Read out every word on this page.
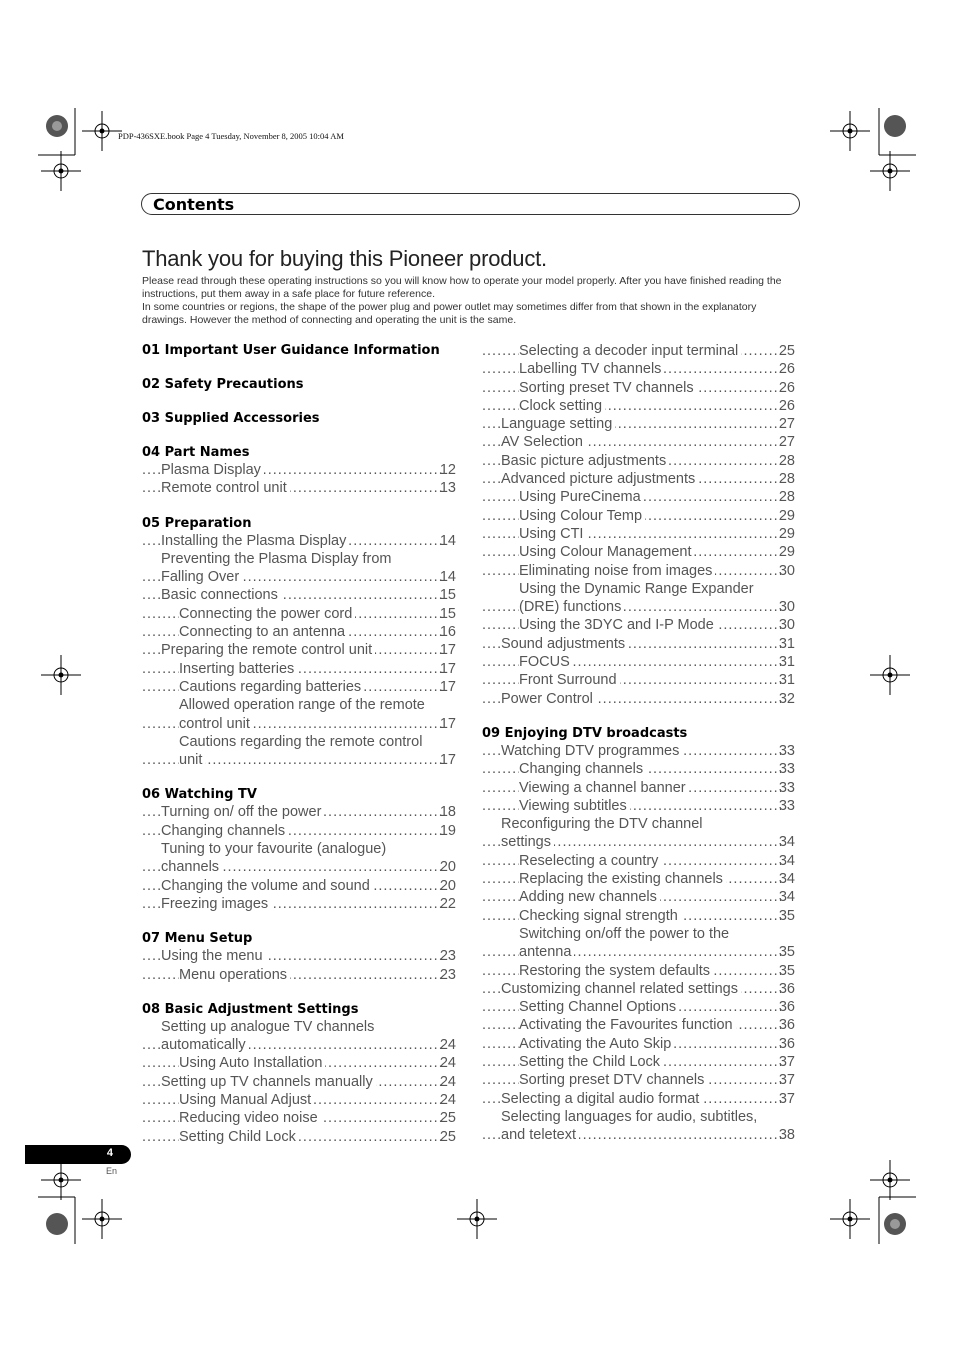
PDP-436SXE.book Page 4 Tuesday, November 8, 2005 10:04 AM
Contents
Thank you for buying this Pioneer product.

Please read through these operating instructions so you will know how to operate your model properly. After you have finished reading the instructions, put them away in a safe place for future reference.

In some countries or regions, the shape of the power plug and power outlet may sometimes differ from that shown in the explanatory drawings. However the method of connecting and operating the unit is the same.

01 Important User Guidance Information
02 Safety Precautions
03 Supplied Accessories
04 Part Names
Plasma Display	12
.....
Remote control unit	13
.....
05 Preparation
Installing the Plasma Display	14
.....
Preventing the Plasma Display from
Falling Over	14
.....
Basic connections	15
.....
Connecting the power cord	15
.....
Connecting to an antenna	16
.....
Preparing the remote control unit	17
.....
Inserting batteries	17
.....
Cautions regarding batteries	17
.....
Allowed operation range of the remote
control unit	17
.....
Cautions regarding the remote control
unit	17
.....
06 Watching TV
Turning on/ off the power	18
.....
Changing channels	19
.....
Tuning to your favourite (analogue)
channels	20
.....
Changing the volume and sound	20
.....
Freezing images	22
.....
07 Menu Setup
Using the menu	23
.....
Menu operations	23
.....
08 Basic Adjustment Settings
Setting up analogue TV channels
automatically	24
.....
Using Auto Installation	24
.....
Setting up TV channels manually	24
.....
Using Manual Adjust	24
.....
Reducing video noise	25
.....
Setting Child Lock	25
.....
Selecting a decoder input terminal	25
.....
Labelling TV channels	26
.....
Sorting preset TV channels	26
.....
Clock setting	26
.....
Language setting	27
.....
AV Selection	27
.....
Basic picture adjustments	28
.....
Advanced picture adjustments	28
.....
Using PureCinema	28
.....
Using Colour Temp	29
.....
Using CTI	29
.....
Using Colour Management	29
.....
Eliminating noise from images	30
.....
Using the Dynamic Range Expander
(DRE) functions	30
.....
Using the 3DYC and I-P Mode	30
.....
Sound adjustments	31
.....
FOCUS	31
.....
Front Surround	31
.....
Power Control	32
.....
09 Enjoying DTV broadcasts
Watching DTV programmes	33
.....
Changing channels	33
.....
Viewing a channel banner	33
.....
Viewing subtitles	33
.....
Reconfiguring the DTV channel
settings	34
.....
Reselecting a country	34
.....
Replacing the existing channels	34
.....
Adding new channels	34
.....
Checking signal strength	35
.....
Switching on/off the power to the
antenna	35
.....
Restoring the system defaults	35
.....
Customizing channel related settings	36
.....
Setting Channel Options	36
.....
Activating the Favourites function	36
.....
Activating the Auto Skip	36
.....
Setting the Child Lock	37
.....
Sorting preset DTV channels	37
.....
Selecting a digital audio format	37
.....
Selecting languages for audio, subtitles,
and teletext	38
.....
4
En
